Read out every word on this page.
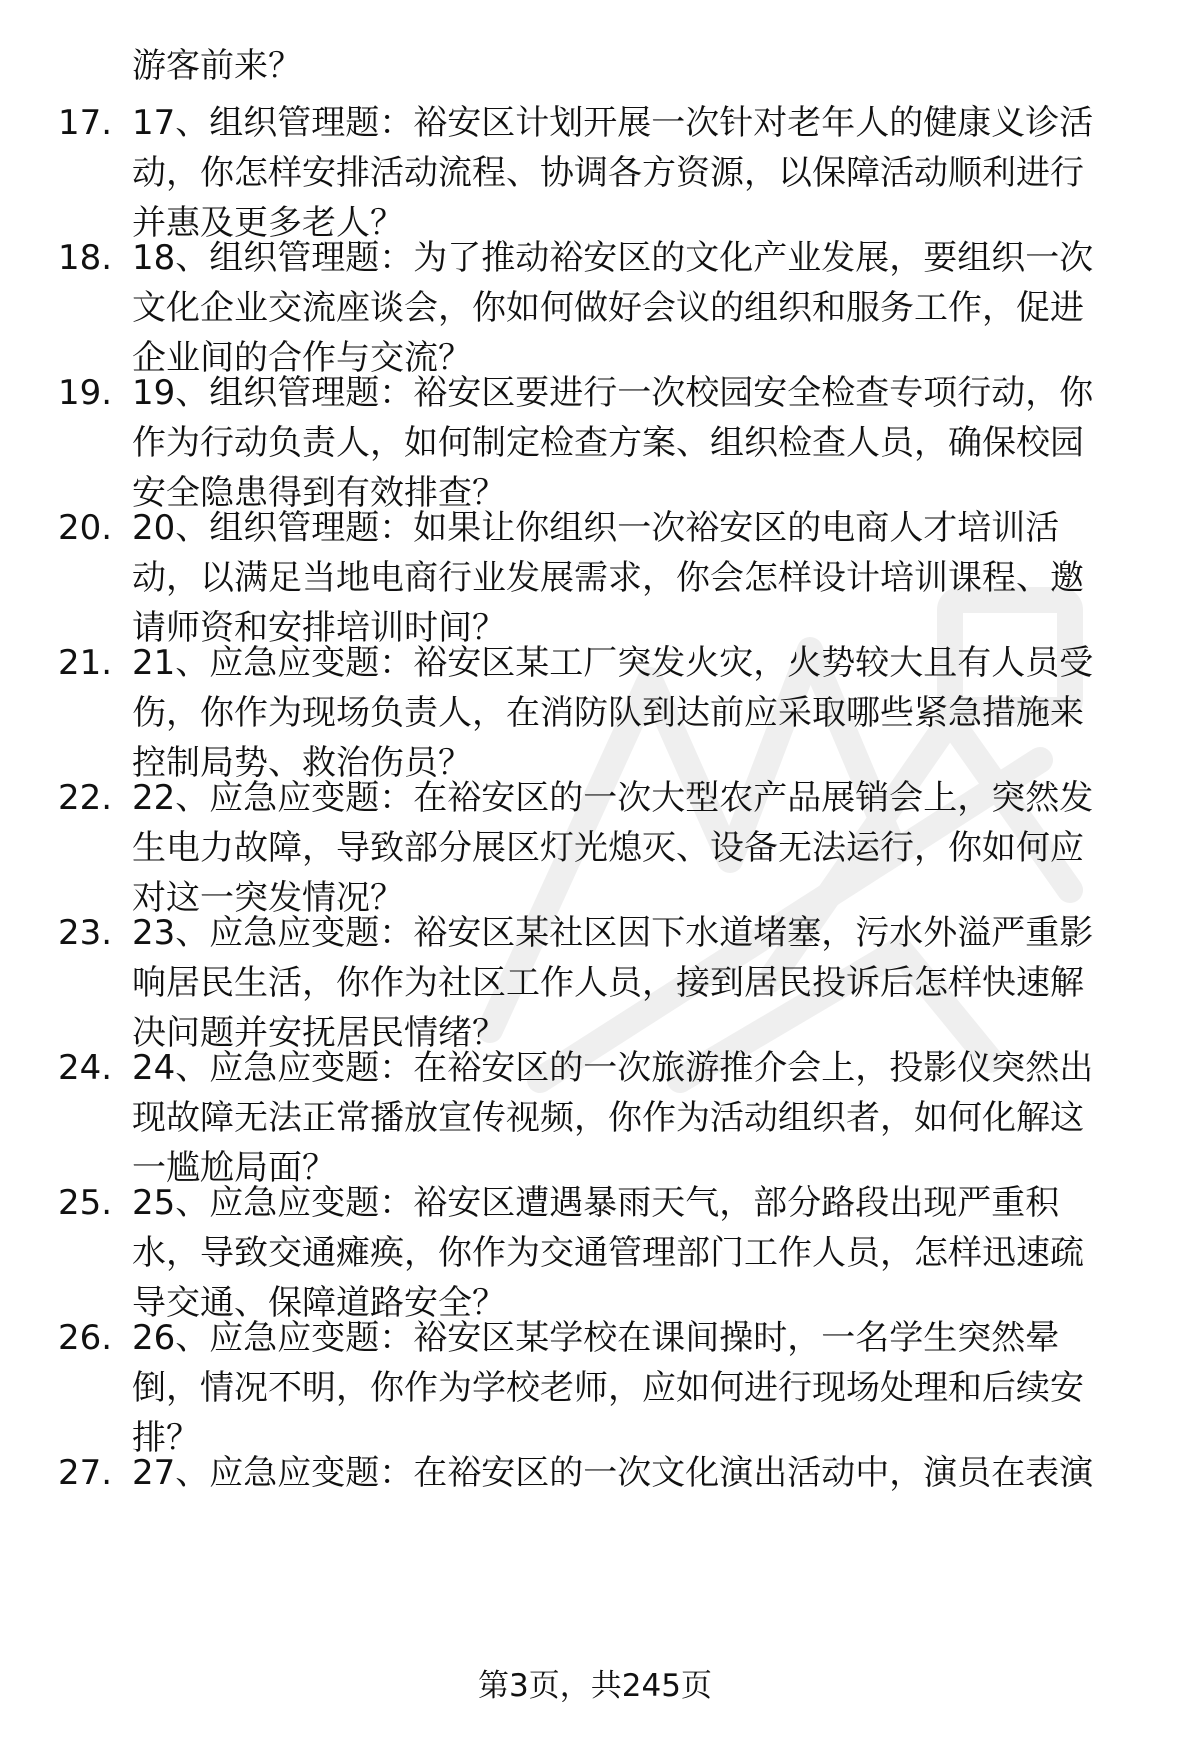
游客前来？
17. 17、组织管理题：裕安区计划开展一次针对老年人的健康义诊活
动，你怎样安排活动流程、协调各方资源，以保障活动顺利进行
并惠及更多老人？
18. 18、组织管理题：为了推动裕安区的文化产业发展，要组织一次
文化企业交流座谈会，你如何做好会议的组织和服务工作，促进
企业间的合作与交流？
19. 19、组织管理题：裕安区要进行一次校园安全检查专项行动，你
作为行动负责人，如何制定检查方案、组织检查人员，确保校园
安全隐患得到有效排查？
20. 20、组织管理题：如果让你组织一次裕安区的电商人才培训活
动，以满足当地电商行业发展需求，你会怎样设计培训课程、邀
请师资和安排培训时间？
21. 21、应急应变题：裕安区某工厂突发火灾，火势较大且有人员受
伤，你作为现场负责人，在消防队到达前应采取哪些紧急措施来
控制局势、救治伤员？
22. 22、应急应变题：在裕安区的一次大型农产品展销会上，突然发
生电力故障，导致部分展区灯光熄灭、设备无法运行，你如何应
对这一突发情况？
23. 23、应急应变题：裕安区某社区因下水道堵塞，污水外溢严重影
响居民生活，你作为社区工作人员，接到居民投诉后怎样快速解
决问题并安抚居民情绪？
24. 24、应急应变题：在裕安区的一次旅游推介会上，投影仪突然出
现故障无法正常播放宣传视频，你作为活动组织者，如何化解这
一尴尬局面？
25. 25、应急应变题：裕安区遭遇暴雨天气，部分路段出现严重积
水，导致交通瘫痪，你作为交通管理部门工作人员，怎样迅速疏
导交通、保障道路安全？
26. 26、应急应变题：裕安区某学校在课间操时，一名学生突然晕
倒，情况不明，你作为学校老师，应如何进行现场处理和后续安
排？
27. 27、应急应变题：在裕安区的一次文化演出活动中，演员在表演
第3页，共245页
